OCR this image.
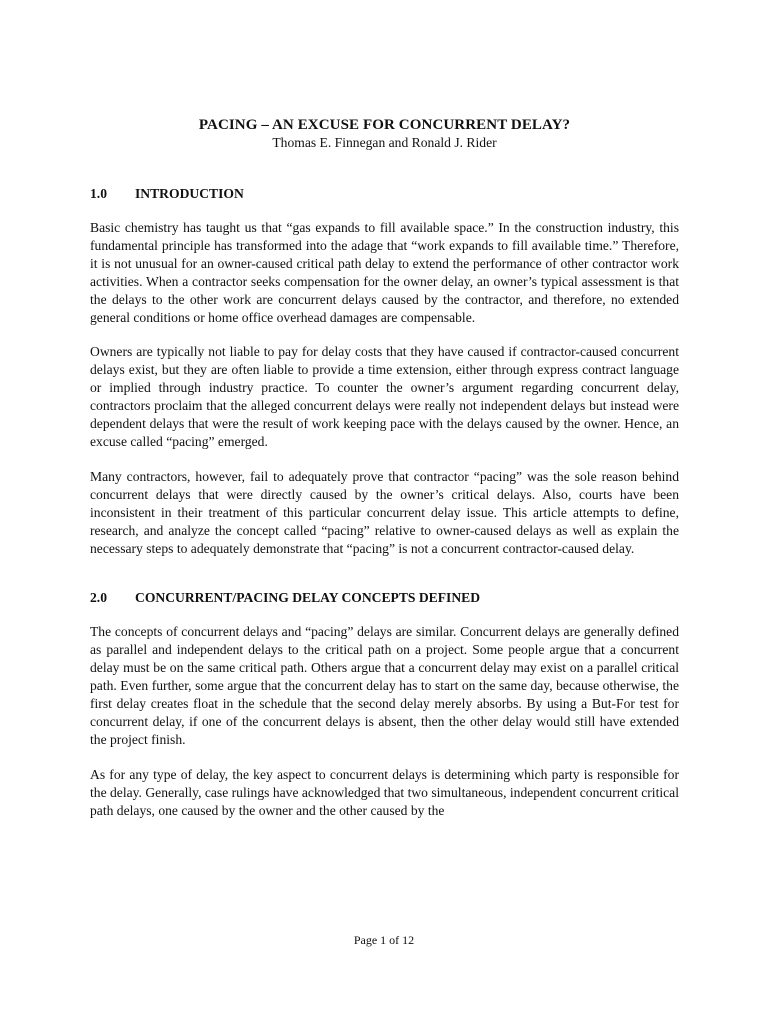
PACING – AN EXCUSE FOR CONCURRENT DELAY?

Thomas E. Finnegan and Ronald J. Rider

1.0	INTRODUCTION

Basic chemistry has taught us that “gas expands to fill available space.” In the construction industry, this fundamental principle has transformed into the adage that “work expands to fill available time.” Therefore, it is not unusual for an owner-caused critical path delay to extend the performance of other contractor work activities. When a contractor seeks compensation for the owner delay, an owner’s typical assessment is that the delays to the other work are concurrent delays caused by the contractor, and therefore, no extended general conditions or home office overhead damages are compensable.

Owners are typically not liable to pay for delay costs that they have caused if contractor-caused concurrent delays exist, but they are often liable to provide a time extension, either through express contract language or implied through industry practice. To counter the owner’s argument regarding concurrent delay, contractors proclaim that the alleged concurrent delays were really not independent delays but instead were dependent delays that were the result of work keeping pace with the delays caused by the owner. Hence, an excuse called “pacing” emerged.

Many contractors, however, fail to adequately prove that contractor “pacing” was the sole reason behind concurrent delays that were directly caused by the owner’s critical delays. Also, courts have been inconsistent in their treatment of this particular concurrent delay issue. This article attempts to define, research, and analyze the concept called “pacing” relative to owner-caused delays as well as explain the necessary steps to adequately demonstrate that “pacing” is not a concurrent contractor-caused delay.

2.0	CONCURRENT/PACING DELAY CONCEPTS DEFINED

The concepts of concurrent delays and “pacing” delays are similar. Concurrent delays are generally defined as parallel and independent delays to the critical path on a project. Some people argue that a concurrent delay must be on the same critical path. Others argue that a concurrent delay may exist on a parallel critical path. Even further, some argue that the concurrent delay has to start on the same day, because otherwise, the first delay creates float in the schedule that the second delay merely absorbs. By using a But-For test for concurrent delay, if one of the concurrent delays is absent, then the other delay would still have extended the project finish.

As for any type of delay, the key aspect to concurrent delays is determining which party is responsible for the delay. Generally, case rulings have acknowledged that two simultaneous, independent concurrent critical path delays, one caused by the owner and the other caused by the

Page 1 of 12
